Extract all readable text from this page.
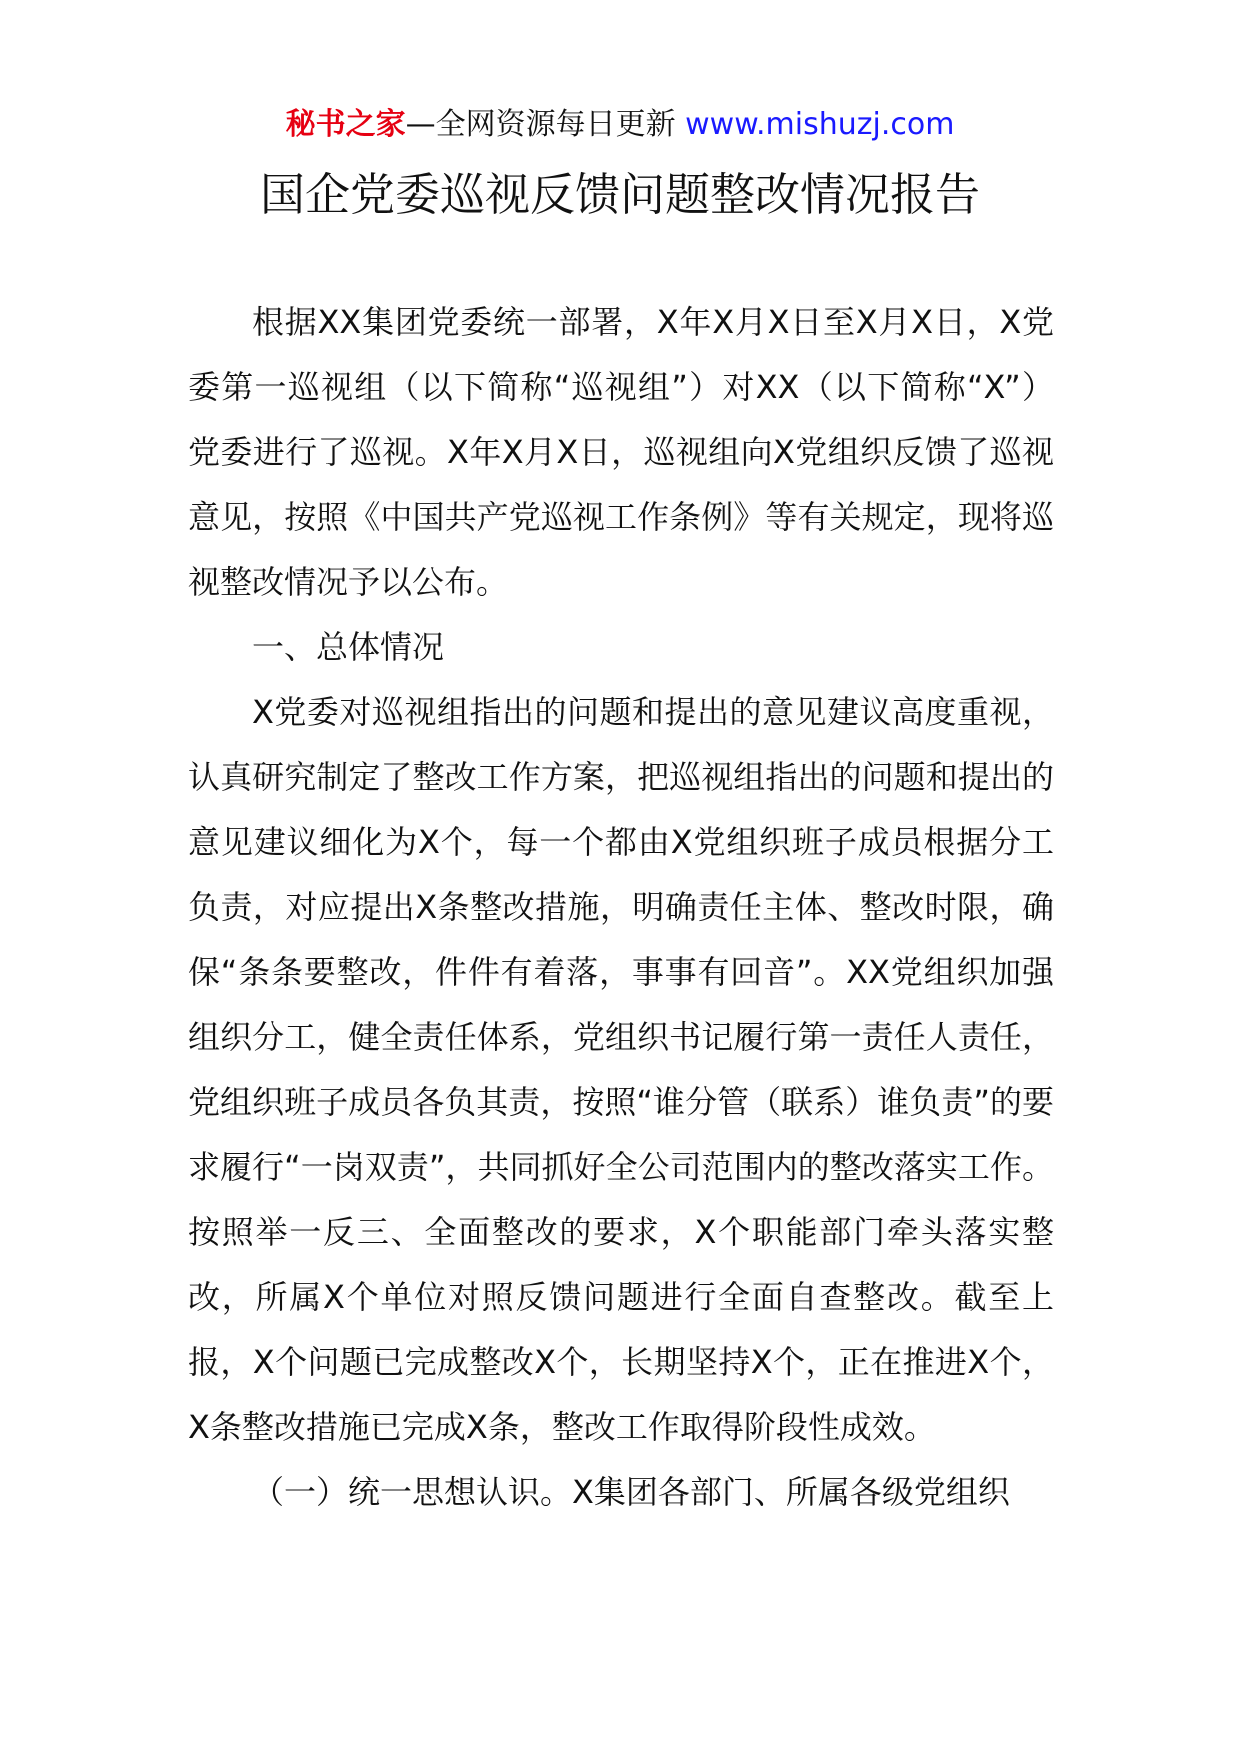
秘书之家—全网资源每日更新 www.mishuzj.com
国企党委巡视反馈问题整改情况报告

根据XX集团党委统一部署，X年X月X日至X月X日，X党委第一巡视组（以下简称“巡视组”）对XX（以下简称“X”）党委进行了巡视。X年X月X日，巡视组向X党组织反馈了巡视意见，按照《中国共产党巡视工作条例》等有关规定，现将巡视整改情况予以公布。

一、总体情况

X党委对巡视组指出的问题和提出的意见建议高度重视，认真研究制定了整改工作方案，把巡视组指出的问题和提出的意见建议细化为X个，每一个都由X党组织班子成员根据分工负责，对应提出X条整改措施，明确责任主体、整改时限，确保“条条要整改，件件有着落，事事有回音”。XX党组织加强组织分工，健全责任体系，党组织书记履行第一责任人责任，党组织班子成员各负其责，按照“谁分管（联系）谁负责”的要求履行“一岗双责”，共同抓好全公司范围内的整改落实工作。按照举一反三、全面整改的要求，X个职能部门牵头落实整改，所属X个单位对照反馈问题进行全面自查整改。截至上报，X个问题已完成整改X个，长期坚持X个，正在推进X个，X条整改措施已完成X条，整改工作取得阶段性成效。

（一）统一思想认识。X集团各部门、所属各级党组织
